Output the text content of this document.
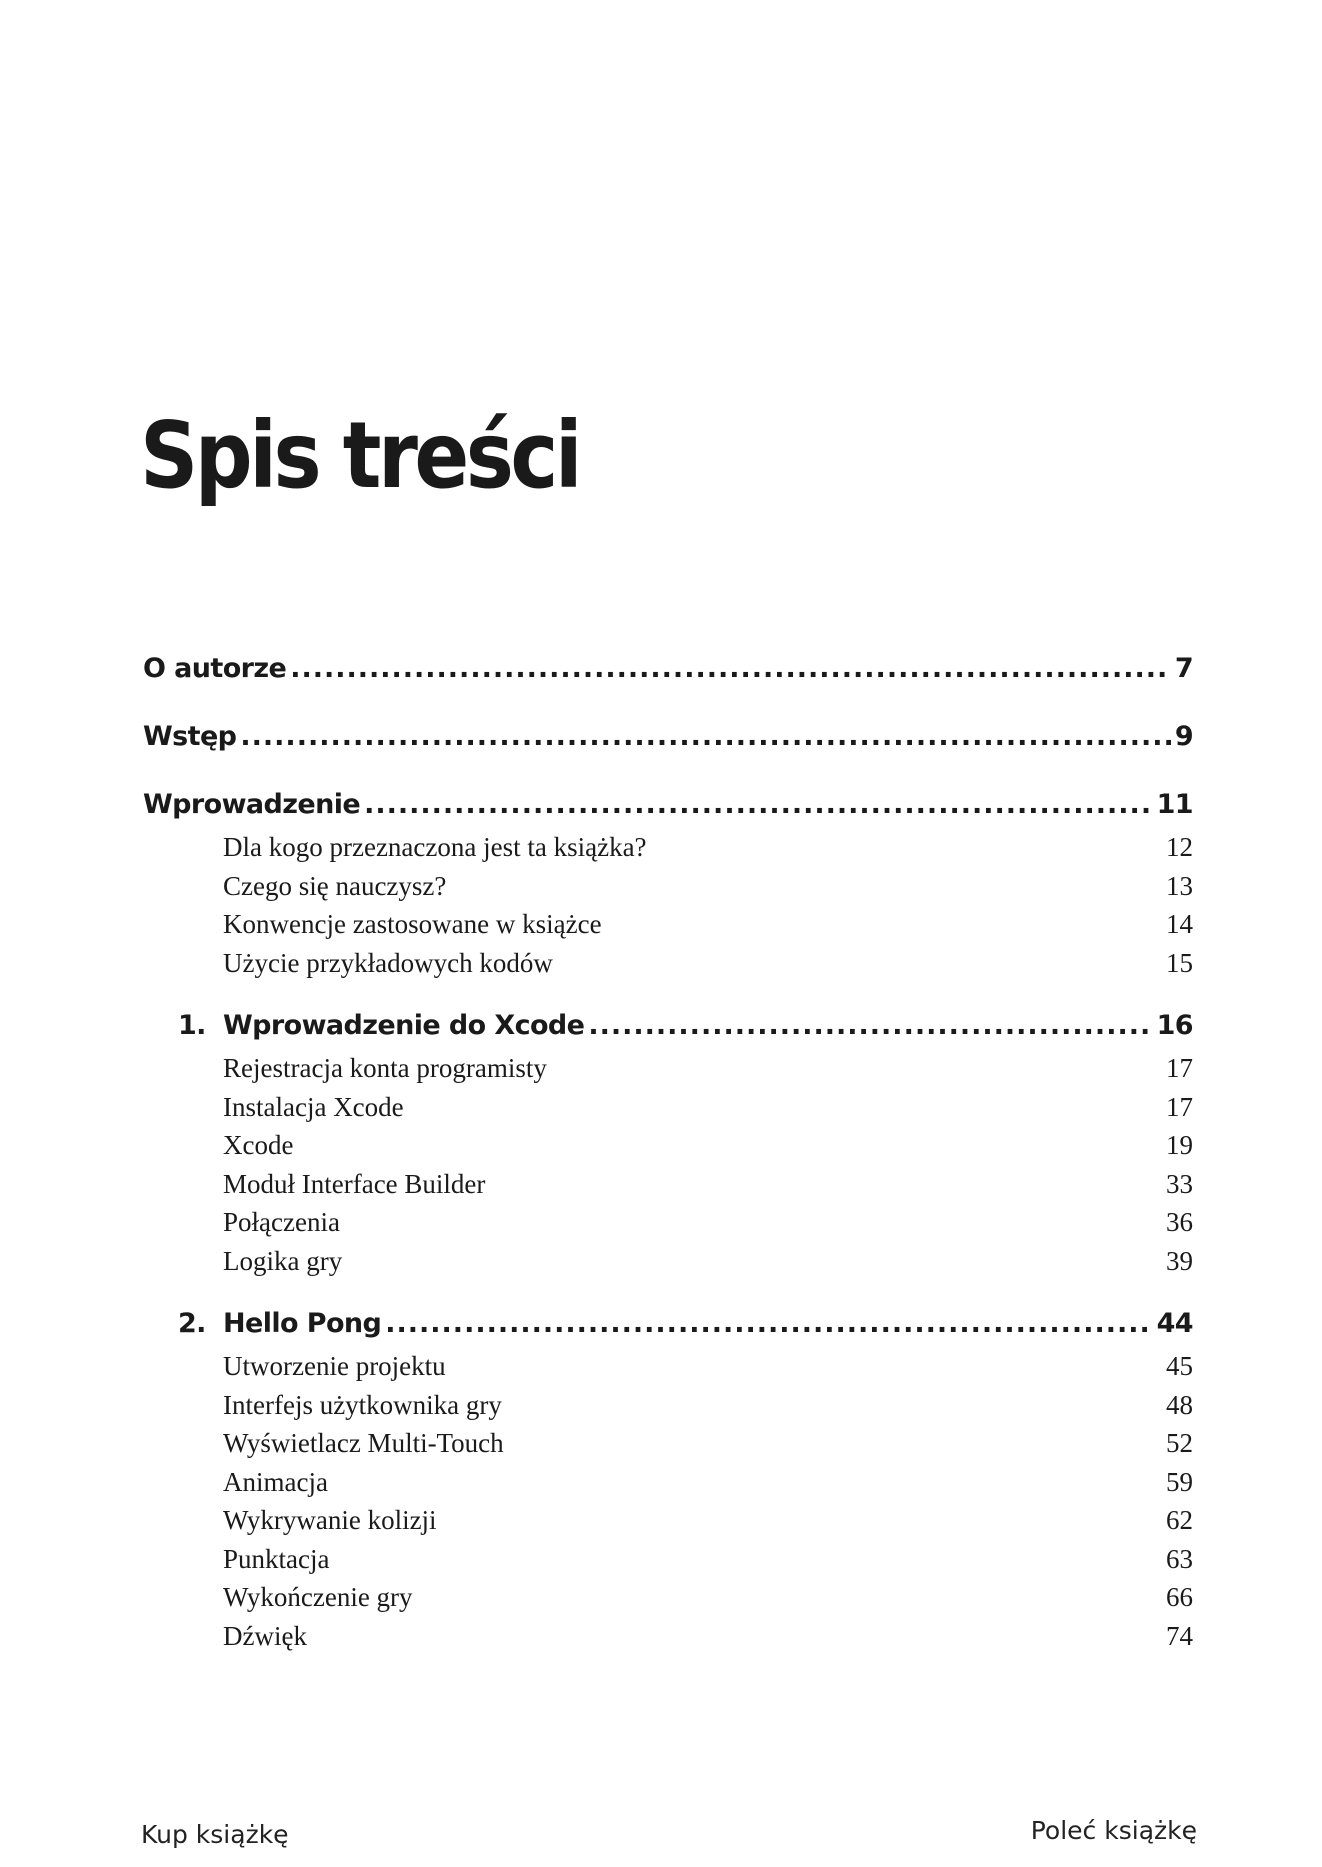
Spis treści
O autorze .....	7
Wstęp .....	9
Wprowadzenie .....	11
Dla kogo przeznaczona jest ta książka?	12
Czego się nauczysz?	13
Konwencje zastosowane w książce	14
Użycie przykładowych kodów	15
1. Wprowadzenie do Xcode .....	16
Rejestracja konta programisty	17
Instalacja Xcode	17
Xcode	19
Moduł Interface Builder	33
Połączenia	36
Logika gry	39
2. Hello Pong .....	44
Utworzenie projektu	45
Interfejs użytkownika gry	48
Wyświetlacz Multi-Touch	52
Animacja	59
Wykrywanie kolizji	62
Punktacja	63
Wykończenie gry	66
Dźwięk	74
Kup książkę	Poleć książkę
